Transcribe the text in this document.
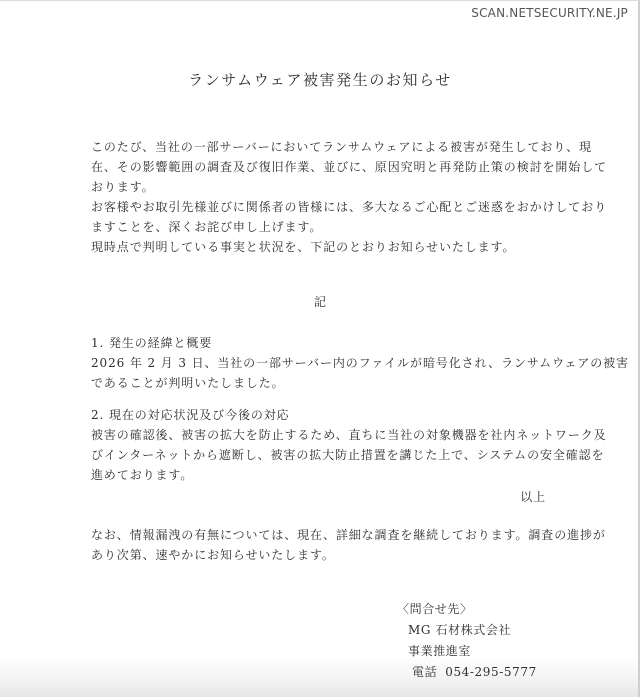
SCAN.NETSECURITY.NE.JP
ランサムウェア被害発生のお知らせ

このたび、当社の一部サーバーにおいてランサムウェアによる被害が発生しており、現

在、その影響範囲の調査及び復旧作業、並びに、原因究明と再発防止策の検討を開始して

おります。

お客様やお取引先様並びに関係者の皆様には、多大なるご心配とご迷惑をおかけしており

ますことを、深くお詫び申し上げます。

現時点で判明している事実と状況を、下記のとおりお知らせいたします。

記

1. 発生の経緯と概要

2026 年 2 月 3 日、当社の一部サーバー内のファイルが暗号化され、ランサムウェアの被害

であることが判明いたしました。

2. 現在の対応状況及び今後の対応

被害の確認後、被害の拡大を防止するため、直ちに当社の対象機器を社内ネットワーク及

びインターネットから遮断し、被害の拡大防止措置を講じた上で、システムの安全確認を

進めております。

以上

なお、情報漏洩の有無については、現在、詳細な調査を継続しております。調査の進捗が

あり次第、速やかにお知らせいたします。

〈問合せ先〉

MG 石材株式会社

事業推進室

電話 054-295-5777
